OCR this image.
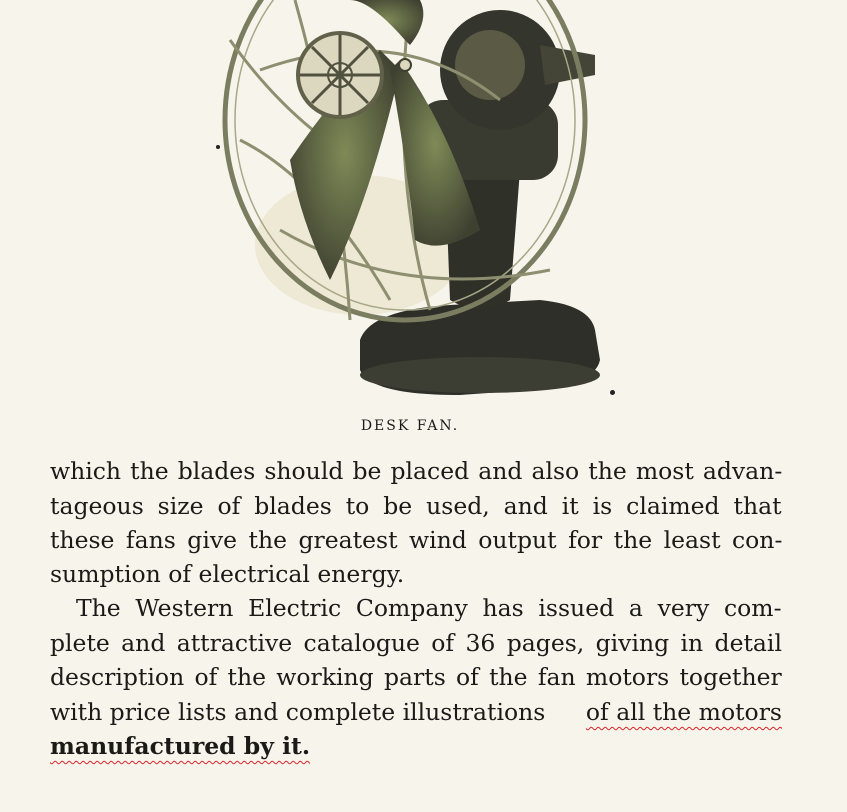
DESK FAN.
which the blades should be placed and also the most advan-
tageous size of blades to be used, and it is claimed that
these fans give the greatest wind output for the least con-
sumption of electrical energy.
The Western Electric Company has issued a very com-
plete and attractive catalogue of 36 pages, giving in detail
description of the working parts of the fan motors together
with price lists and complete illustrations of all the motors
manufactured by it.
